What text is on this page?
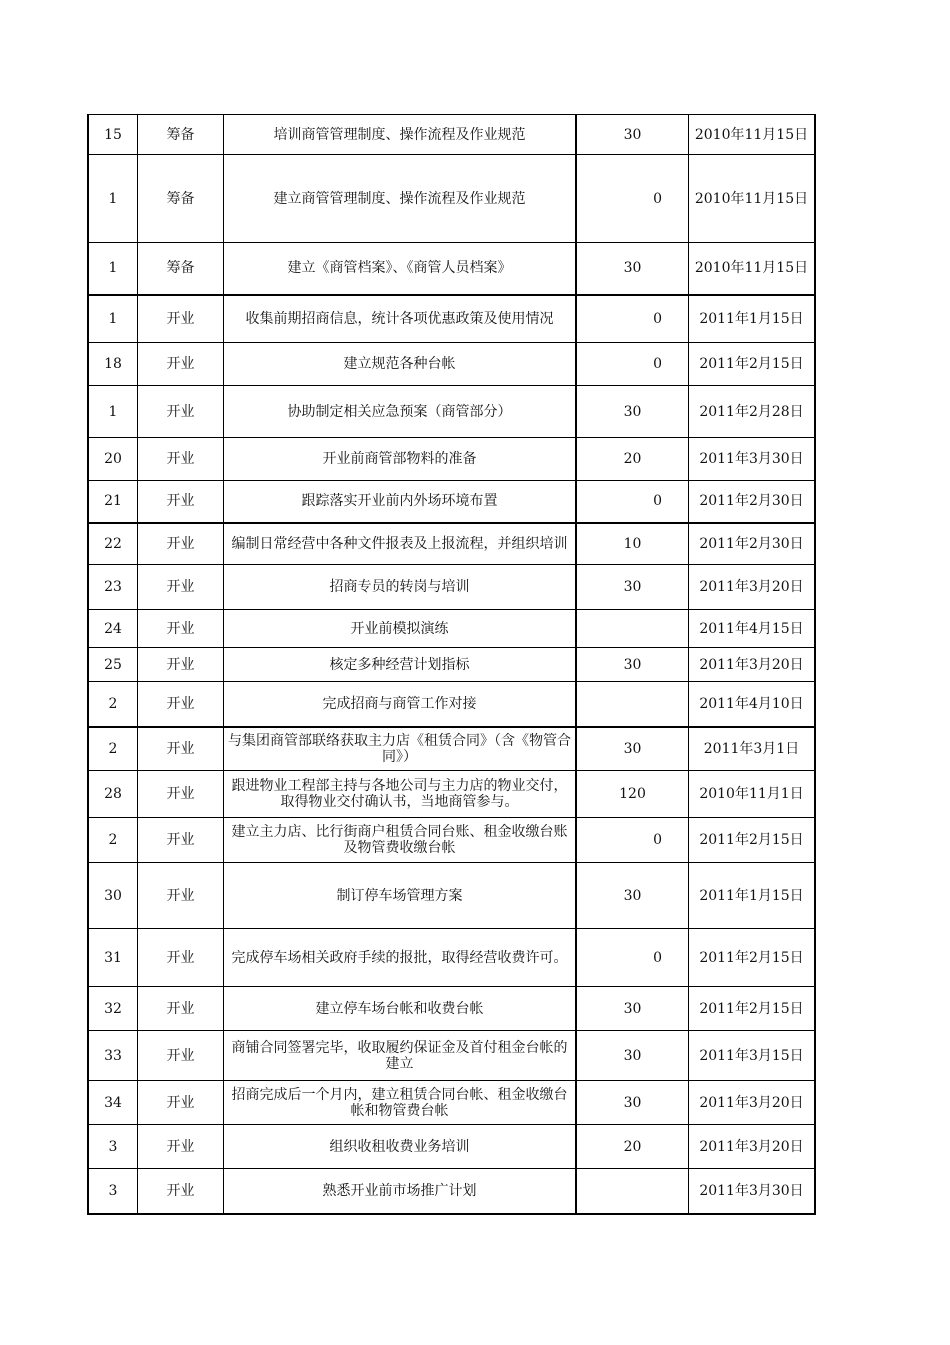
15	筹备	培训商管管理制度、操作流程及作业规范	30	2010年11月15日
1	筹备	建立商管管理制度、操作流程及作业规范	0	2010年11月15日
1	筹备	建立《商管档案》、《商管人员档案》	30	2010年11月15日
1	开业	收集前期招商信息，统计各项优惠政策及使用情况	0	2011年1月15日
18	开业	建立规范各种台帐	0	2011年2月15日
1	开业	协助制定相关应急预案（商管部分）	30	2011年2月28日
20	开业	开业前商管部物料的准备	20	2011年3月30日
21	开业	跟踪落实开业前内外场环境布置	0	2011年2月30日
22	开业	编制日常经营中各种文件报表及上报流程，并组织培训	10	2011年2月30日
23	开业	招商专员的转岗与培训	30	2011年3月20日
24	开业	开业前模拟演练		2011年4月15日
25	开业	核定多种经营计划指标	30	2011年3月20日
2	开业	完成招商与商管工作对接		2011年4月10日
2	开业	与集团商管部联络获取主力店《租赁合同》（含《物管合同》）	30	2011年3月1日
28	开业	跟进物业工程部主持与各地公司与主力店的物业交付，取得物业交付确认书，当地商管参与。	120	2010年11月1日
2	开业	建立主力店、比行街商户租赁合同台账、租金收缴台账及物管费收缴台帐	0	2011年2月15日
30	开业	制订停车场管理方案	30	2011年1月15日
31	开业	完成停车场相关政府手续的报批，取得经营收费许可。	0	2011年2月15日
32	开业	建立停车场台帐和收费台帐	30	2011年2月15日
33	开业	商铺合同签署完毕，收取履约保证金及首付租金台帐的建立	30	2011年3月15日
34	开业	招商完成后一个月内，建立租赁合同台帐、租金收缴台帐和物管费台帐	30	2011年3月20日
3	开业	组织收租收费业务培训	20	2011年3月20日
3	开业	熟悉开业前市场推广计划		2011年3月30日
